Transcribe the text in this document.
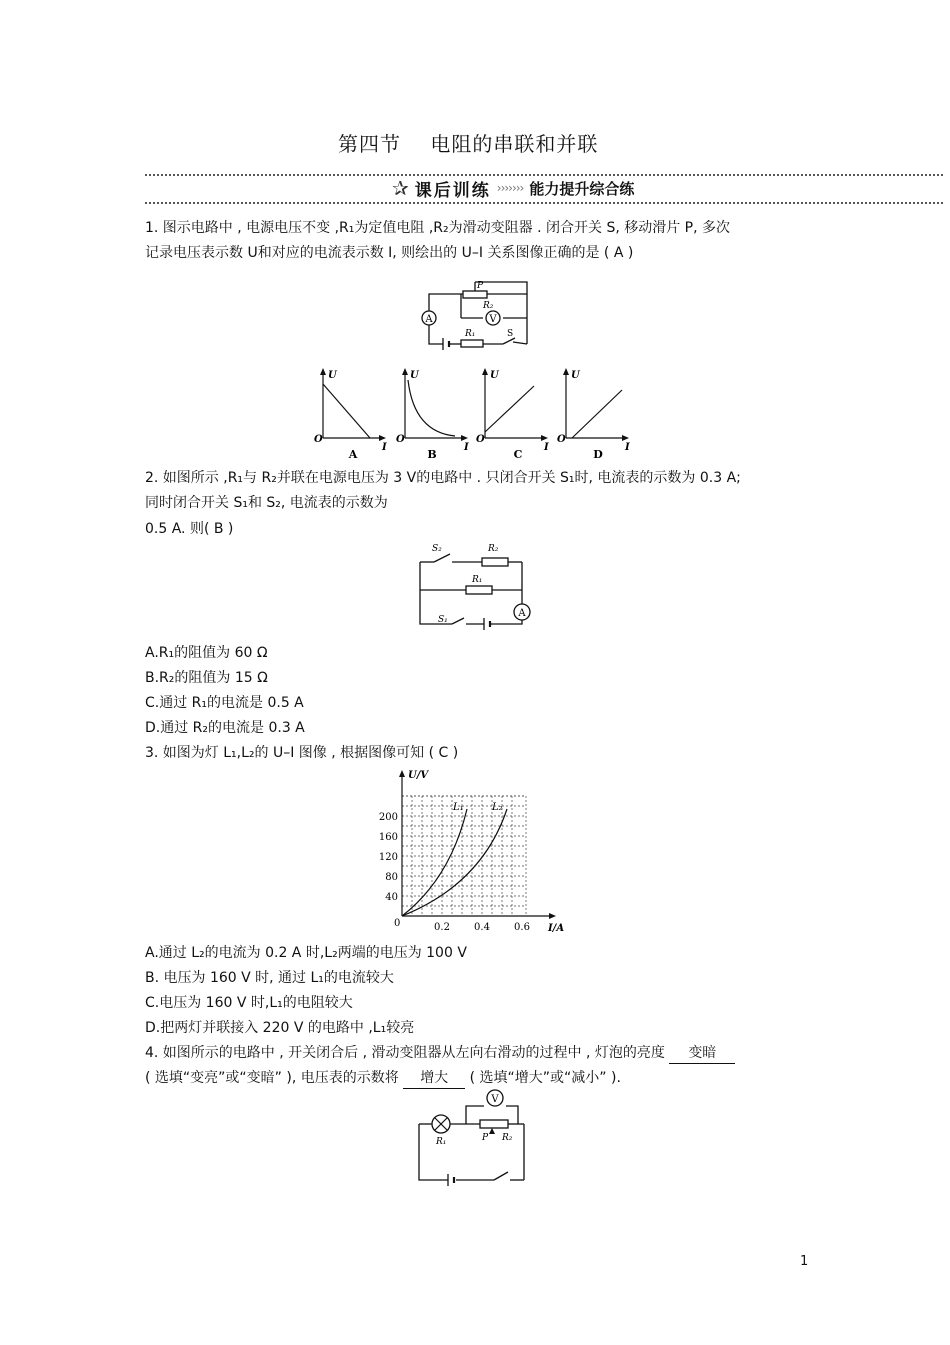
第四节    电阻的串联和并联
✰ 课后训练 ››››››› 能力提升综合练
1. 图示电路中 , 电源电压不变 ,R₁为定值电阻 ,R₂为滑动变阻器 . 闭合开关 S, 移动滑片 P, 多次
记录电压表示数 U和对应的电流表示数 I, 则绘出的 U–I 关系图像正确的是 ( A )
A	V
P
R₂
R₁	S
U
O
I
U
O
I
U
O
I
U
O
I
A	B	C	D
2. 如图所示 ,R₁与 R₂并联在电源电压为 3 V的电路中 . 只闭合开关 S₁时, 电流表的示数为 0.3 A;
同时闭合开关 S₁和 S₂, 电流表的示数为
0.5 A. 则( B )
A
S₂	R₂
R₁
S₁
A.R₁的阻值为 60 Ω
B.R₂的阻值为 15 Ω
C.通过 R₁的电流是 0.5 A
D.通过 R₂的电流是 0.3 A
3. 如图为灯 L₁,L₂的 U–I 图像 , 根据图像可知 ( C )
U/V
I/A
0
40
80
120
160
200
0.2 0.4 0.6
L₁	L₂
A.通过 L₂的电流为 0.2 A 时,L₂两端的电压为 100 V
B. 电压为 160 V 时, 通过 L₁的电流较大
C.电压为 160 V 时,L₁的电阻较大
D.把两灯并联接入 220 V 的电路中 ,L₁较亮
4. 如图所示的电路中 , 开关闭合后 , 滑动变阻器从左向右滑动的过程中 , 灯泡的亮度 变暗
( 选填“变亮”或“变暗” ), 电压表的示数将 增大 ( 选填“增大”或“减小” ).
V
R₁	P R₂
1
